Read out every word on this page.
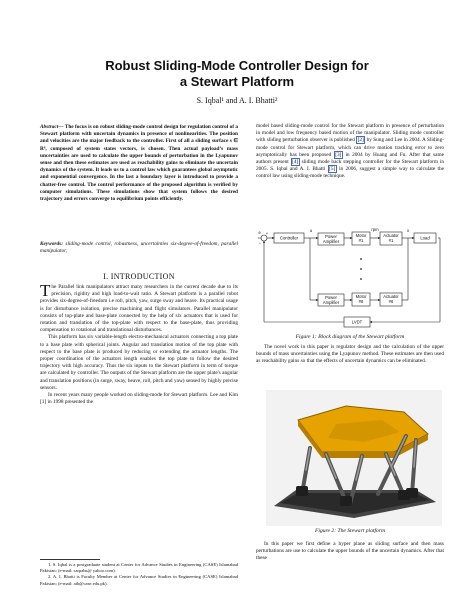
Robust Sliding-Mode Controller Design for
a Stewart Platform
S. Iqbal¹ and A. I. Bhatti²
Abstract— The focus is on robust sliding-mode control design for regulation control of a Stewart platform with uncertain dynamics in presence of nonlinearities. The position and velocities are the major feedback to the controller. First of all a sliding surface s ∈ R⁶, composed of system states vectors, is chosen. Then actual payload’s mass uncertainties are used to calculate the upper bounds of perturbation in the Lyapunov sense and then these estimates are used as reachability gains to eliminate the uncertain dynamics of the system. It leads us to a control law which guarantees global asymptotic and exponential convergence. In the last a boundary layer is introduced to provide a chatter-free control. The control performance of the proposed algorithm is verified by computer simulations. These simulations show that system follows the desired trajectory and errors converge to equilibrium points efficiently.
Keywords: sliding-mode control, robustness, uncertainties six-degree-of-freedom, parallel manipulator,
I. INTRODUCTION

The Parallel link manipulators attract many researchers in the current decade due to its precision, rigidity and high load-to-wait ratio. A Stewart platform is a parallel robot provides six-degree-of-freedom i.e roll, pitch, yaw, surge sway and heave. Its practical usage is for disturbance isolation, precise machining and flight simulators. Parallel manipulator consists of top-plate and base-plate connected by the help of six actuators that is used for rotation and translation of the top-plate with respect to the base-plate, thus providing compensation to rotational and translational disturbances.

This platform has six variable-length electro-mechanical actuators connecting a top plate to a base plate with spherical joints. Angular and translation motion of the top plate with respect to the base plate is produced by reducing or extending the actuator lengths. The proper coordination of the actuators length enables the top plate to follow the desired trajectory with high accuracy. Thus the six inputs to the Stewart platform in term of torque are calculated by controller. The outputs of the Stewart platform are the upper plate's angular and translation positions (in surge, sway, heave, roll, pitch and yaw) sensed by highly precise sensors.

In recent years many people worked on sliding-mode for Stewart platform. Lee and Kim [1] in 1998 presented the

1. S. Iqbal is a postgraduate student at Center for Advance Studies in Engineering (CASE) Islamabad Pakistan; (e-mail: saqrabs@ yahoo.com).

2. A. I. Bhatti is Faculty Member at Center for Advance Studies in Engineering (CASE) Islamabad Pakistan; (e-mail: aib@case.edu.pk).

model based sliding-mode control for the Stewart platform in presence of perturbation in model and low frequency based motion of the manipulator. Sliding mode controller with sliding perturbation observer is published [2] by Sung and Lee in 2004. A Sliding-mode control for Stewart platform, which can drive motion tracking error to zero asymptotically has been proposed [3] in 2004 by Huang and Fu. After that same authors present [4] sliding mode back stepping controller for the Stewart platform in 2005. S. Iqbal and A. I. Bhatti [5] in 2006, suggest a simple way to calculate the control law using sliding-mode technique.

e +
−
u	rpm	x
Controller	Power
Amplifier
Motor
#1
Actuator
#1	Load
Power
Amplifier
Motor
#6
Actuator
#6
LVDT
Figure 1: Block diagram of the Stewart platform

The novel work in this paper is regulator design and the calculation of the upper bounds of mass uncertainties using the Lyapunov method. These estimates are then used as reachability gains so that the effects of uncertain dynamics can be eliminated.

Figure 2: The Stewart platform

In this paper we first define a hyper plane as sliding surface and then mass perturbations are use to calculate the upper bounds of the uncertain dynamics. After that these
